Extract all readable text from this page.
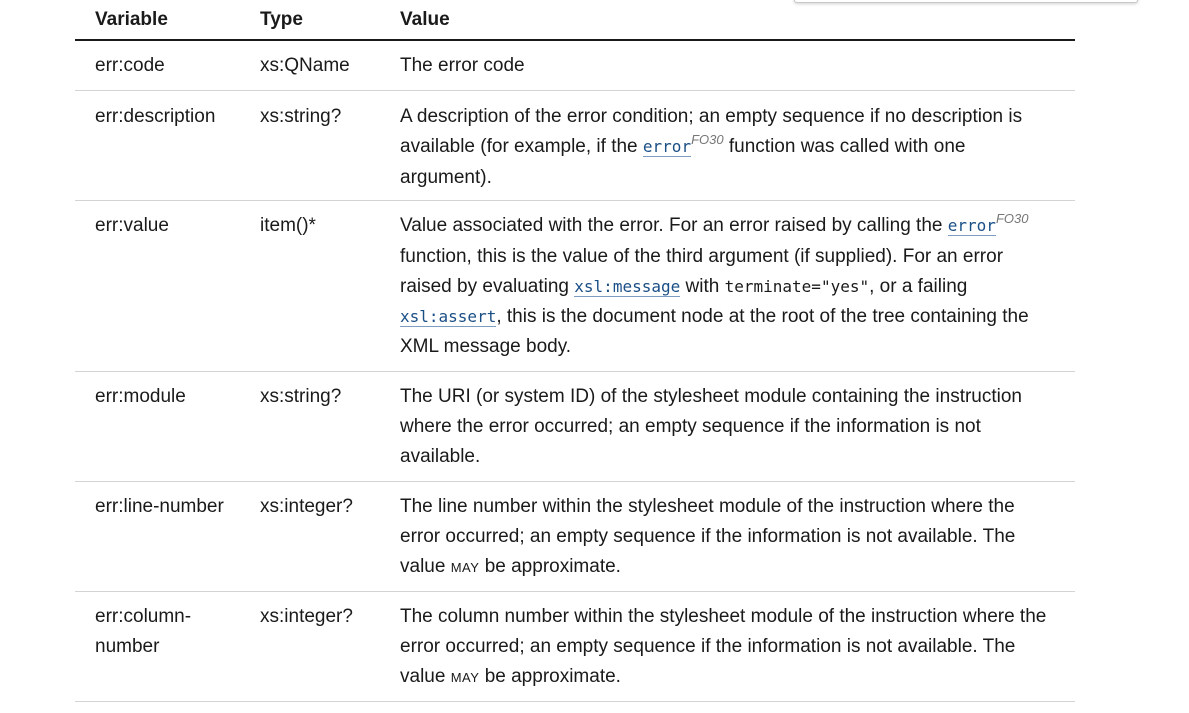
Variable	Type	Value
err:code	xs:QName	The error code
err:description	xs:string?	A description of the error condition; an empty sequence if no description is available (for example, if the error$^{FO30}$ function was called with one argument).
err:value	item()*	Value associated with the error. For an error raised by calling the error$^{FO30}$ function, this is the value of the third argument (if supplied). For an error raised by evaluating xsl:message with terminate="yes", or a failing xsl:assert, this is the document node at the root of the tree containing the XML message body.
err:module	xs:string?	The URI (or system ID) of the stylesheet module containing the instruction where the error occurred; an empty sequence if the information is not available.
err:line-number	xs:integer?	The line number within the stylesheet module of the instruction where the error occurred; an empty sequence if the information is not available. The value may be approximate.
err:column-number	xs:integer?	The column number within the stylesheet module of the instruction where the error occurred; an empty sequence if the information is not available. The value may be approximate.
